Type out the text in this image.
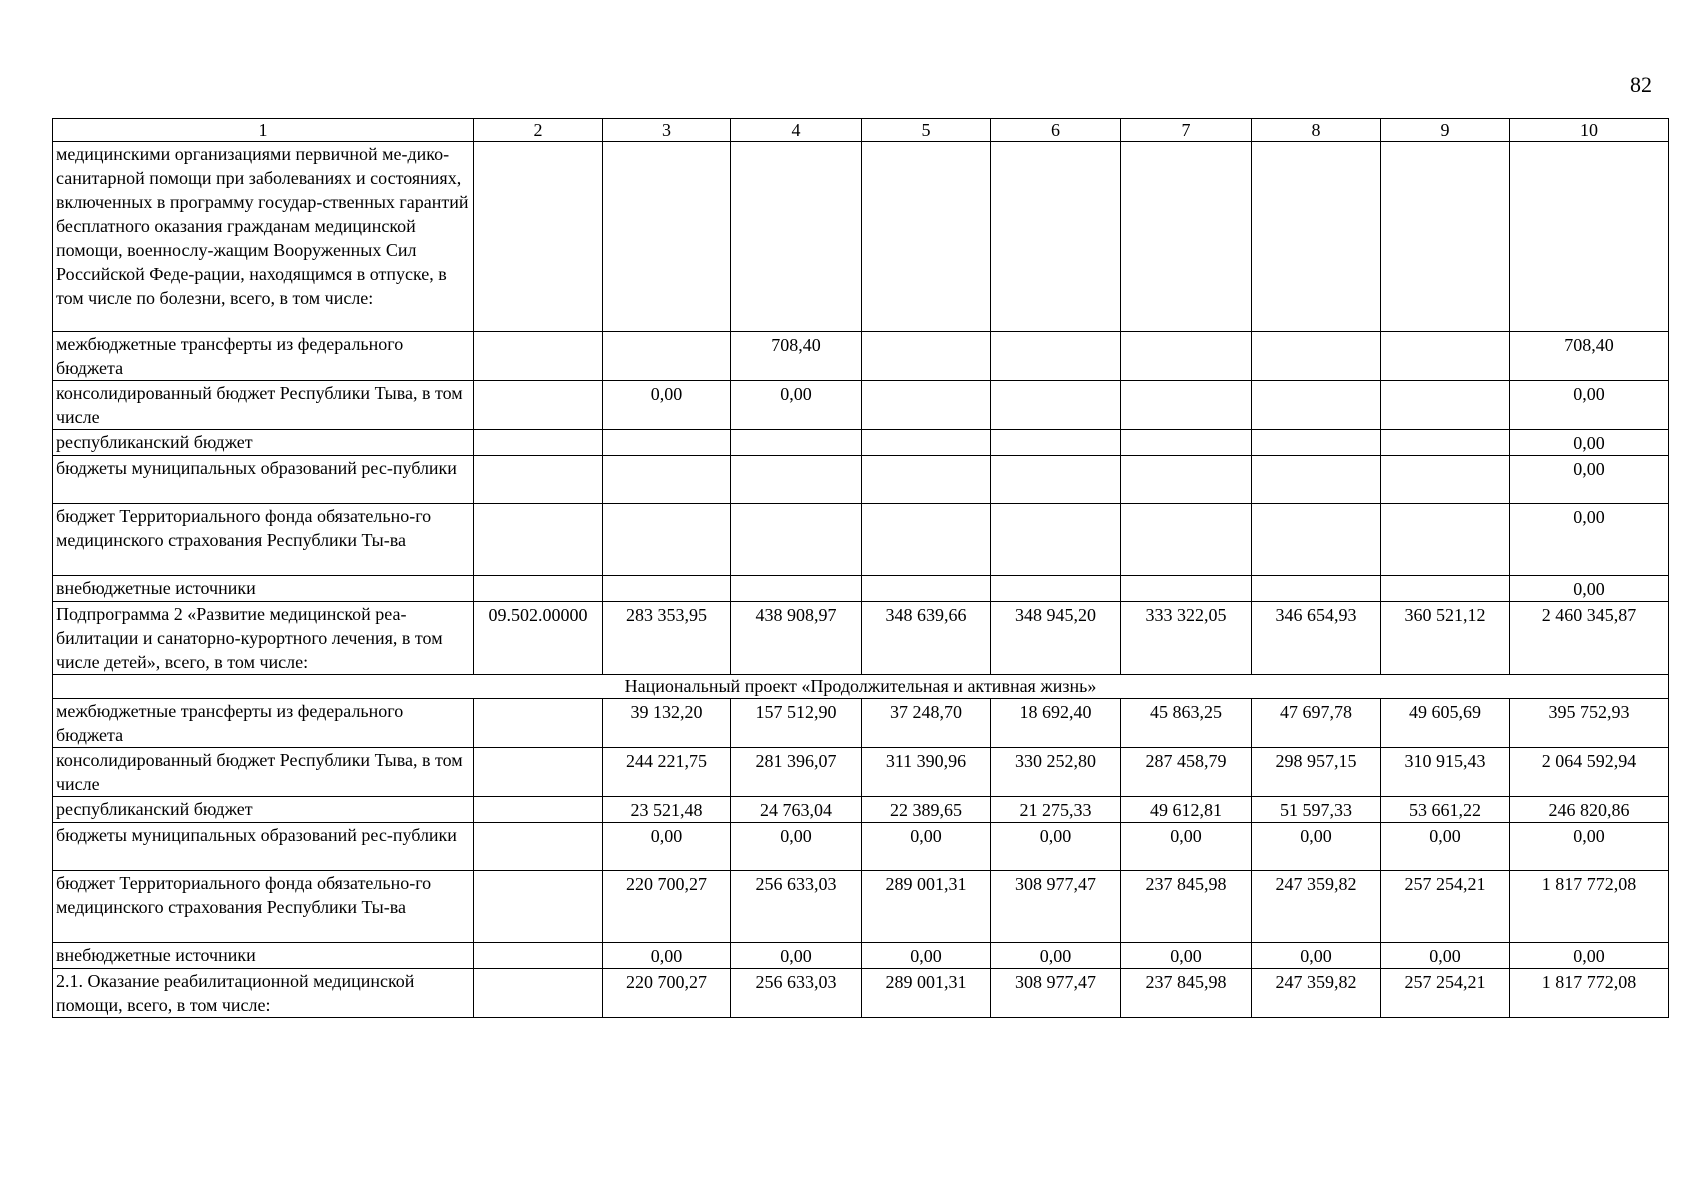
82
1	2	3	4	5	6	7	8	9	10
медицинскими организациями первичной ме-дико-санитарной помощи при заболеваниях и состояниях, включенных в программу государ-ственных гарантий бесплатного оказания гражданам медицинской помощи, военнослу-жащим Вооруженных Сил Российской Феде-рации, находящимся в отпуске, в том числе по болезни, всего, в том числе:									
межбюджетные трансферты из федерального бюджета			708,40						708,40
консолидированный бюджет Республики Тыва, в том числе		0,00	0,00						0,00
республиканский бюджет									0,00
бюджеты муниципальных образований рес-публики									0,00
бюджет Территориального фонда обязательно-го медицинского страхования Республики Ты-ва									0,00
внебюджетные источники									0,00
Подпрограмма 2 «Развитие медицинской реа-билитации и санаторно-курортного лечения, в том числе детей», всего, в том числе:	09.502.00000	283 353,95	438 908,97	348 639,66	348 945,20	333 322,05	346 654,93	360 521,12	2 460 345,87
Национальный проект «Продолжительная и активная жизнь»									
межбюджетные трансферты из федерального бюджета		39 132,20	157 512,90	37 248,70	18 692,40	45 863,25	47 697,78	49 605,69	395 752,93
консолидированный бюджет Республики Тыва, в том числе		244 221,75	281 396,07	311 390,96	330 252,80	287 458,79	298 957,15	310 915,43	2 064 592,94
республиканский бюджет		23 521,48	24 763,04	22 389,65	21 275,33	49 612,81	51 597,33	53 661,22	246 820,86
бюджеты муниципальных образований рес-публики		0,00	0,00	0,00	0,00	0,00	0,00	0,00	0,00
бюджет Территориального фонда обязательно-го медицинского страхования Республики Ты-ва		220 700,27	256 633,03	289 001,31	308 977,47	237 845,98	247 359,82	257 254,21	1 817 772,08
внебюджетные источники		0,00	0,00	0,00	0,00	0,00	0,00	0,00	0,00
2.1. Оказание реабилитационной медицинской помощи, всего, в том числе:		220 700,27	256 633,03	289 001,31	308 977,47	237 845,98	247 359,82	257 254,21	1 817 772,08
